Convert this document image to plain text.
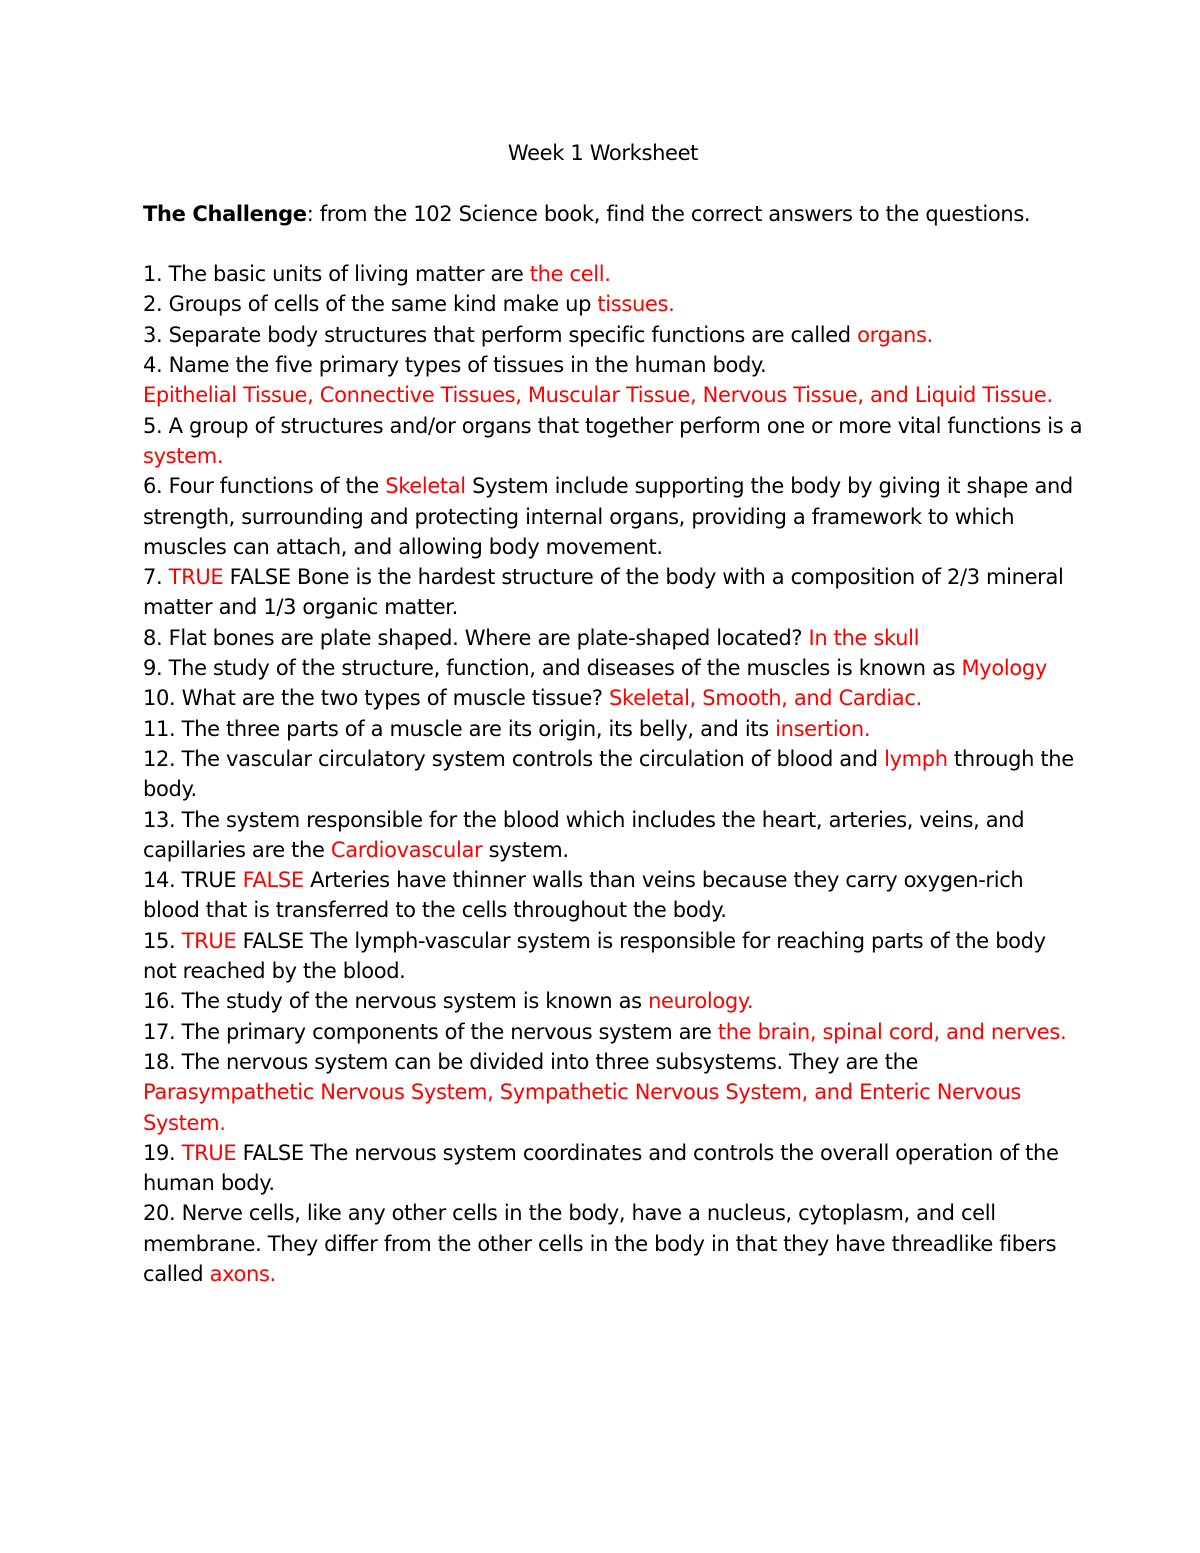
Week 1 Worksheet
The Challenge: from the 102 Science book, find the correct answers to the questions.
1. The basic units of living matter are the cell.
2. Groups of cells of the same kind make up tissues.
3. Separate body structures that perform specific functions are called organs.
4. Name the five primary types of tissues in the human body.
Epithelial Tissue, Connective Tissues, Muscular Tissue, Nervous Tissue, and Liquid Tissue.
5. A group of structures and/or organs that together perform one or more vital functions is a system.
6. Four functions of the Skeletal System include supporting the body by giving it shape and strength, surrounding and protecting internal organs, providing a framework to which muscles can attach, and allowing body movement.
7. TRUE FALSE Bone is the hardest structure of the body with a composition of 2/3 mineral matter and 1/3 organic matter.
8. Flat bones are plate shaped. Where are plate-shaped located? In the skull
9. The study of the structure, function, and diseases of the muscles is known as Myology
10. What are the two types of muscle tissue? Skeletal, Smooth, and Cardiac.
11. The three parts of a muscle are its origin, its belly, and its insertion.
12. The vascular circulatory system controls the circulation of blood and lymph through the body.
13. The system responsible for the blood which includes the heart, arteries, veins, and capillaries are the Cardiovascular system.
14. TRUE FALSE Arteries have thinner walls than veins because they carry oxygen-rich blood that is transferred to the cells throughout the body.
15. TRUE FALSE The lymph-vascular system is responsible for reaching parts of the body not reached by the blood.
16. The study of the nervous system is known as neurology.
17. The primary components of the nervous system are the brain, spinal cord, and nerves.
18. The nervous system can be divided into three subsystems. They are the Parasympathetic Nervous System, Sympathetic Nervous System, and Enteric Nervous System.
19. TRUE FALSE The nervous system coordinates and controls the overall operation of the human body.
20. Nerve cells, like any other cells in the body, have a nucleus, cytoplasm, and cell membrane. They differ from the other cells in the body in that they have threadlike fibers called axons.
